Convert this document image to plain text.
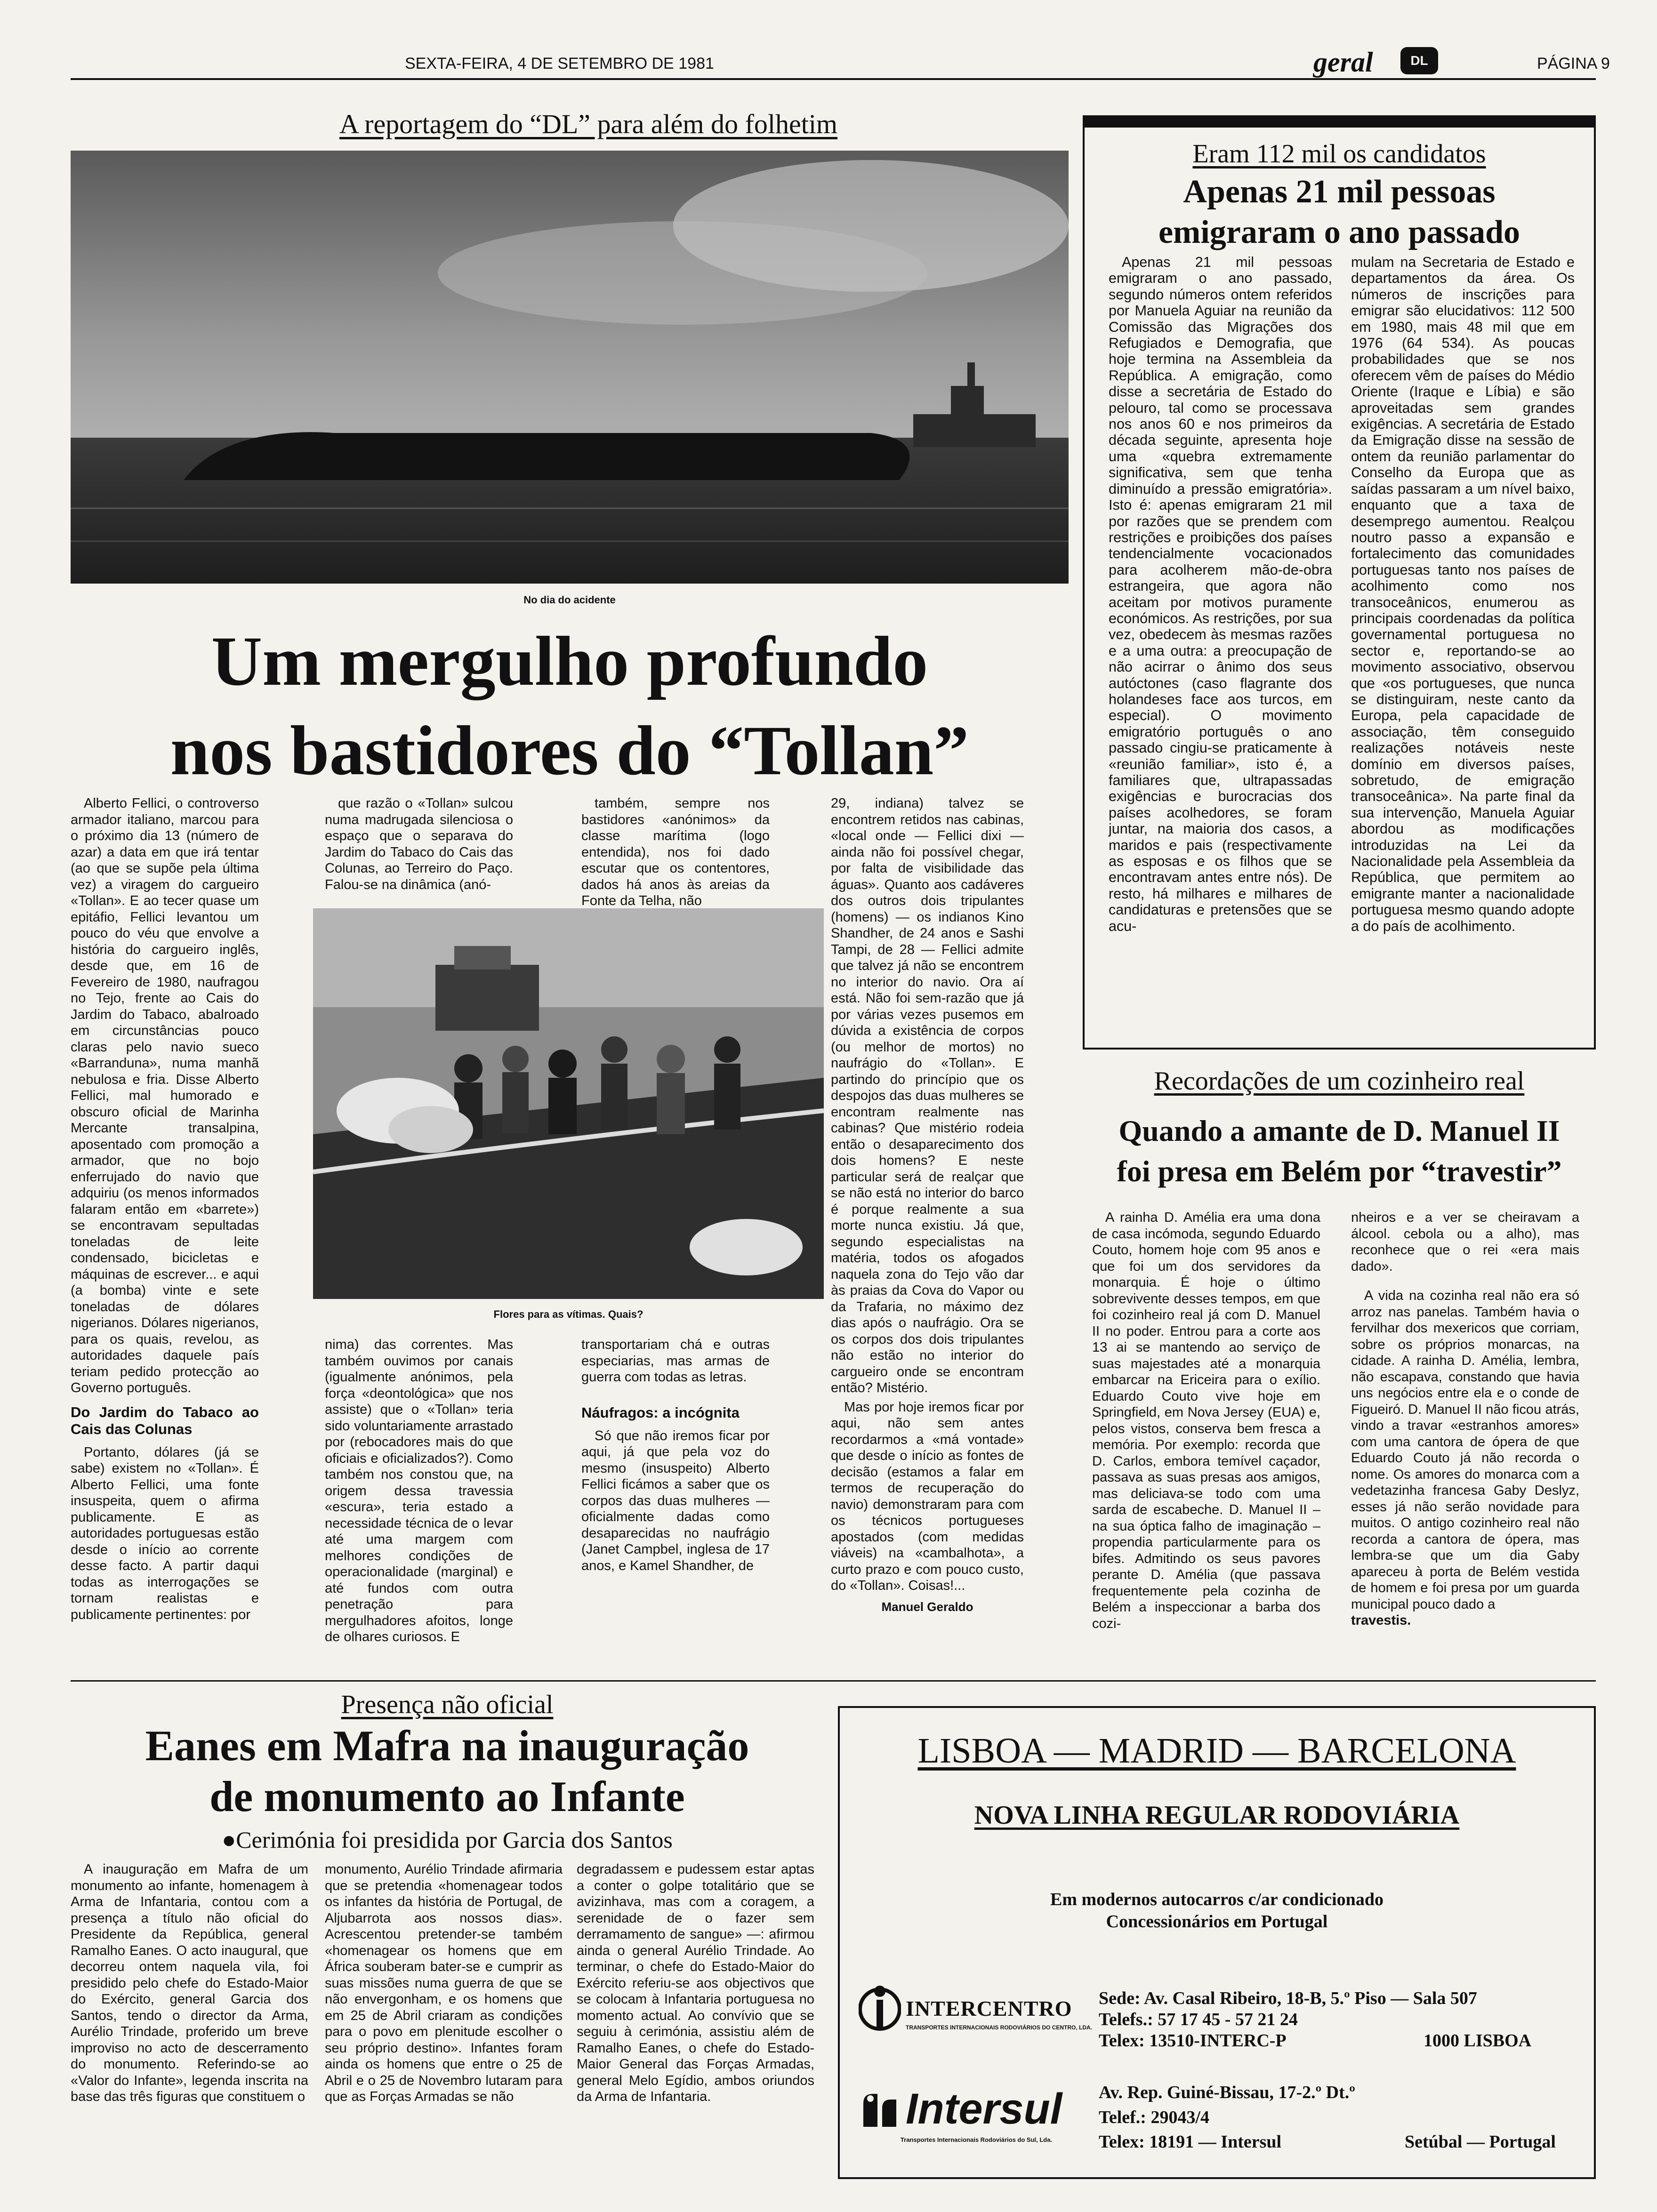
SEXTA-FEIRA, 4 DE SETEMBRO DE 1981	geral	DL	PÁGINA 9
A reportagem do “DL” para além do folhetim
No dia do acidente
Um mergulho profundo
nos bastidores do “Tollan”

Alberto Fellici, o controverso armador italiano, marcou para o próximo dia 13 (número de azar) a data em que irá tentar (ao que se supõe pela última vez) a viragem do cargueiro «Tollan». E ao tecer quase um epitáfio, Fellici levantou um pouco do véu que envolve a história do cargueiro inglês, desde que, em 16 de Fevereiro de 1980, naufragou no Tejo, frente ao Cais do Jardim do Tabaco, abalroado em circunstâncias pouco claras pelo navio sueco «Barranduna», numa manhã nebulosa e fria. Disse Alberto Fellici, mal humorado e obscuro oficial de Marinha Mercante transalpina, aposentado com promoção a armador, que no bojo enferrujado do navio que adquiriu (os menos informados falaram então em «barrete») se encontravam sepultadas toneladas de leite condensado, bicicletas e máquinas de escrever... e aqui (a bomba) vinte e sete toneladas de dólares nigerianos. Dólares nigerianos, para os quais, revelou, as autoridades daquele país teriam pedido protecção ao Governo português.

Do Jardim do Tabaco ao Cais das Colunas

Portanto, dólares (já se sabe) existem no «Tollan». É Alberto Fellici, uma fonte insuspeita, quem o afirma publicamente. E as autoridades portuguesas estão desde o início ao corrente desse facto. A partir daqui todas as interrogações se tornam realistas e publicamente pertinentes: por

que razão o «Tollan» sulcou numa madrugada silenciosa o espaço que o separava do Jardim do Tabaco do Cais das Colunas, ao Terreiro do Paço. Falou-se na dinâmica (anó-

também, sempre nos bastidores «anónimos» da classe marítima (logo entendida), nos foi dado escutar que os contentores, dados há anos às areias da Fonte da Telha, não

Flores para as vítimas. Quais?

nima) das correntes. Mas também ouvimos por canais (igualmente anónimos, pela força «deontológica» que nos assiste) que o «Tollan» teria sido voluntariamente arrastado por (rebocadores mais do que oficiais e oficializados?). Como também nos constou que, na origem dessa travessia «escura», teria estado a necessidade técnica de o levar até uma margem com melhores condições de operacionalidade (marginal) e até fundos com outra penetração para mergulhadores afoitos, longe de olhares curiosos. E

transportariam chá e outras especiarias, mas armas de guerra com todas as letras.

Náufragos: a incógnita

Só que não iremos ficar por aqui, já que pela voz do mesmo (insuspeito) Alberto Fellici ficámos a saber que os corpos das duas mulheres — oficialmente dadas como desaparecidas no naufrágio (Janet Campbel, inglesa de 17 anos, e Kamel Shandher, de

29, indiana) talvez se encontrem retidos nas cabinas, «local onde — Fellici dixi — ainda não foi possível chegar, por falta de visibilidade das águas». Quanto aos cadáveres dos outros dois tripulantes (homens) — os indianos Kino Shandher, de 24 anos e Sashi Tampi, de 28 — Fellici admite que talvez já não se encontrem no interior do navio. Ora aí está. Não foi sem-razão que já por várias vezes pusemos em dúvida a existência de corpos (ou melhor de mortos) no naufrágio do «Tollan». E partindo do princípio que os despojos das duas mulheres se encontram realmente nas cabinas? Que mistério rodeia então o desaparecimento dos dois homens? E neste particular será de realçar que se não está no interior do barco é porque realmente a sua morte nunca existiu. Já que, segundo especialistas na matéria, todos os afogados naquela zona do Tejo vão dar às praias da Cova do Vapor ou da Trafaria, no máximo dez dias após o naufrágio. Ora se os corpos dos dois tripulantes não estão no interior do cargueiro onde se encontram então? Mistério.

Mas por hoje iremos ficar por aqui, não sem antes recordarmos a «má vontade» que desde o início as fontes de decisão (estamos a falar em termos de recuperação do navio) demonstraram para com os técnicos portugueses apostados (com medidas viáveis) na «cambalhota», a curto prazo e com pouco custo, do «Tollan». Coisas!...

Manuel Geraldo
Eram 112 mil os candidatos
Apenas 21 mil pessoas
emigraram o ano passado

Apenas 21 mil pessoas emigraram o ano passado, segundo números ontem referidos por Manuela Aguiar na reunião da Comissão das Migrações dos Refugiados e Demografia, que hoje termina na Assembleia da República. A emigração, como disse a secretária de Estado do pelouro, tal como se processava nos anos 60 e nos primeiros da década seguinte, apresenta hoje uma «quebra extremamente significativa, sem que tenha diminuído a pressão emigratória». Isto é: apenas emigraram 21 mil por razões que se prendem com restrições e proibições dos países tendencialmente vocacionados para acolherem mão-de-obra estrangeira, que agora não aceitam por motivos puramente económicos. As restrições, por sua vez, obedecem às mesmas razões e a uma outra: a preocupação de não acirrar o ânimo dos seus autóctones (caso flagrante dos holandeses face aos turcos, em especial). O movimento emigratório português o ano passado cingiu-se praticamente à «reunião familiar», isto é, a familiares que, ultrapassadas exigências e burocracias dos países acolhedores, se foram juntar, na maioria dos casos, a maridos e pais (respectivamente as esposas e os filhos que se encontravam antes entre nós). De resto, há milhares e milhares de candidaturas e pretensões que se acu-

mulam na Secretaria de Estado e departamentos da área. Os números de inscrições para emigrar são elucidativos: 112 500 em 1980, mais 48 mil que em 1976 (64 534). As poucas probabilidades que se nos oferecem vêm de países do Médio Oriente (Iraque e Líbia) e são aproveitadas sem grandes exigências. A secretária de Estado da Emigração disse na sessão de ontem da reunião parlamentar do Conselho da Europa que as saídas passaram a um nível baixo, enquanto que a taxa de desemprego aumentou. Realçou noutro passo a expansão e fortalecimento das comunidades portuguesas tanto nos países de acolhimento como nos transoceânicos, enumerou as principais coordenadas da política governamental portuguesa no sector e, reportando-se ao movimento associativo, observou que «os portugueses, que nunca se distinguiram, neste canto da Europa, pela capacidade de associação, têm conseguido realizações notáveis neste domínio em diversos países, sobretudo, de emigração transoceânica». Na parte final da sua intervenção, Manuela Aguiar abordou as modificações introduzidas na Lei da Nacionalidade pela Assembleia da República, que permitem ao emigrante manter a nacionalidade portuguesa mesmo quando adopte a do país de acolhimento.

Recordações de um cozinheiro real
Quando a amante de D. Manuel II
foi presa em Belém por “travestir”

A rainha D. Amélia era uma dona de casa incómoda, segundo Eduardo Couto, homem hoje com 95 anos e que foi um dos servidores da monarquia. É hoje o último sobrevivente desses tempos, em que foi cozinheiro real já com D. Manuel II no poder. Entrou para a corte aos 13 ai se mantendo ao serviço de suas majestades até a monarquia embarcar na Ericeira para o exílio. Eduardo Couto vive hoje em Springfield, em Nova Jersey (EUA) e, pelos vistos, conserva bem fresca a memória. Por exemplo: recorda que D. Carlos, embora temível caçador, passava as suas presas aos amigos, mas deliciava-se todo com uma sarda de escabeche. D. Manuel II – na sua óptica falho de imaginação – propendia particularmente para os bifes. Admitindo os seus pavores perante D. Amélia (que passava frequentemente pela cozinha de Belém a inspeccionar a barba dos cozi-

nheiros e a ver se cheiravam a álcool. cebola ou a alho), mas reconhece que o rei «era mais dado».

A vida na cozinha real não era só arroz nas panelas. Também havia o fervilhar dos mexericos que corriam, sobre os próprios monarcas, na cidade. A rainha D. Amélia, lembra, não escapava, constando que havia uns negócios entre ela e o conde de Figueiró. D. Manuel II não ficou atrás, vindo a travar «estranhos amores» com uma cantora de ópera de que Eduardo Couto já não recorda o nome. Os amores do monarca com a vedetazinha francesa Gaby Deslyz, esses já não serão novidade para muitos. O antigo cozinheiro real não recorda a cantora de ópera, mas lembra-se que um dia Gaby apareceu à porta de Belém vestida de homem e foi presa por um guarda municipal pouco dado a

travestis.

Presença não oficial
Eanes em Mafra na inauguração
de monumento ao Infante
●Cerimónia foi presidida por Garcia dos Santos

A inauguração em Mafra de um monumento ao infante, homenagem à Arma de Infantaria, contou com a presença a título não oficial do Presidente da República, general Ramalho Eanes. O acto inaugural, que decorreu ontem naquela vila, foi presidido pelo chefe do Estado-Maior do Exército, general Garcia dos Santos, tendo o director da Arma, Aurélio Trindade, proferido um breve improviso no acto de descerramento do monumento. Referindo-se ao «Valor do Infante», legenda inscrita na base das três figuras que constituem o

monumento, Aurélio Trindade afirmaria que se pretendia «homenagear todos os infantes da história de Portugal, de Aljubarrota aos nossos dias». Acrescentou pretender-se também «homenagear os homens que em África souberam bater-se e cumprir as suas missões numa guerra de que se não envergonham, e os homens que em 25 de Abril criaram as condições para o povo em plenitude escolher o seu próprio destino». Infantes foram ainda os homens que entre o 25 de Abril e o 25 de Novembro lutaram para que as Forças Armadas se não

degradassem e pudessem estar aptas a conter o golpe totalitário que se avizinhava, mas com a coragem, a serenidade de o fazer sem derramamento de sangue» —: afirmou ainda o general Aurélio Trindade. Ao terminar, o chefe do Estado-Maior do Exército referiu-se aos objectivos que se colocam à Infantaria portuguesa no momento actual. Ao convívio que se seguiu à cerimónia, assistiu além de Ramalho Eanes, o chefe do Estado-Maior General das Forças Armadas, general Melo Egídio, ambos oriundos da Arma de Infantaria.

LISBOA — MADRID — BARCELONA
NOVA LINHA REGULAR RODOVIÁRIA
Em modernos autocarros c/ar condicionado
Concessionários em Portugal
INTERCENTRO
TRANSPORTES INTERNACIONAIS RODOVIÁRIOS DO CENTRO, LDA.
Sede: Av. Casal Ribeiro, 18-B, 5.º Piso — Sala 507
Telefs.: 57 17 45 - 57 21 24
Telex: 13510-INTERC-P	1000 LISBOA
Intersul
Transportes Internacionais Rodoviários do Sul, Lda.
Av. Rep. Guiné-Bissau, 17-2.º Dt.º
Telef.: 29043/4
Telex: 18191 — Intersul	Setúbal — Portugal
